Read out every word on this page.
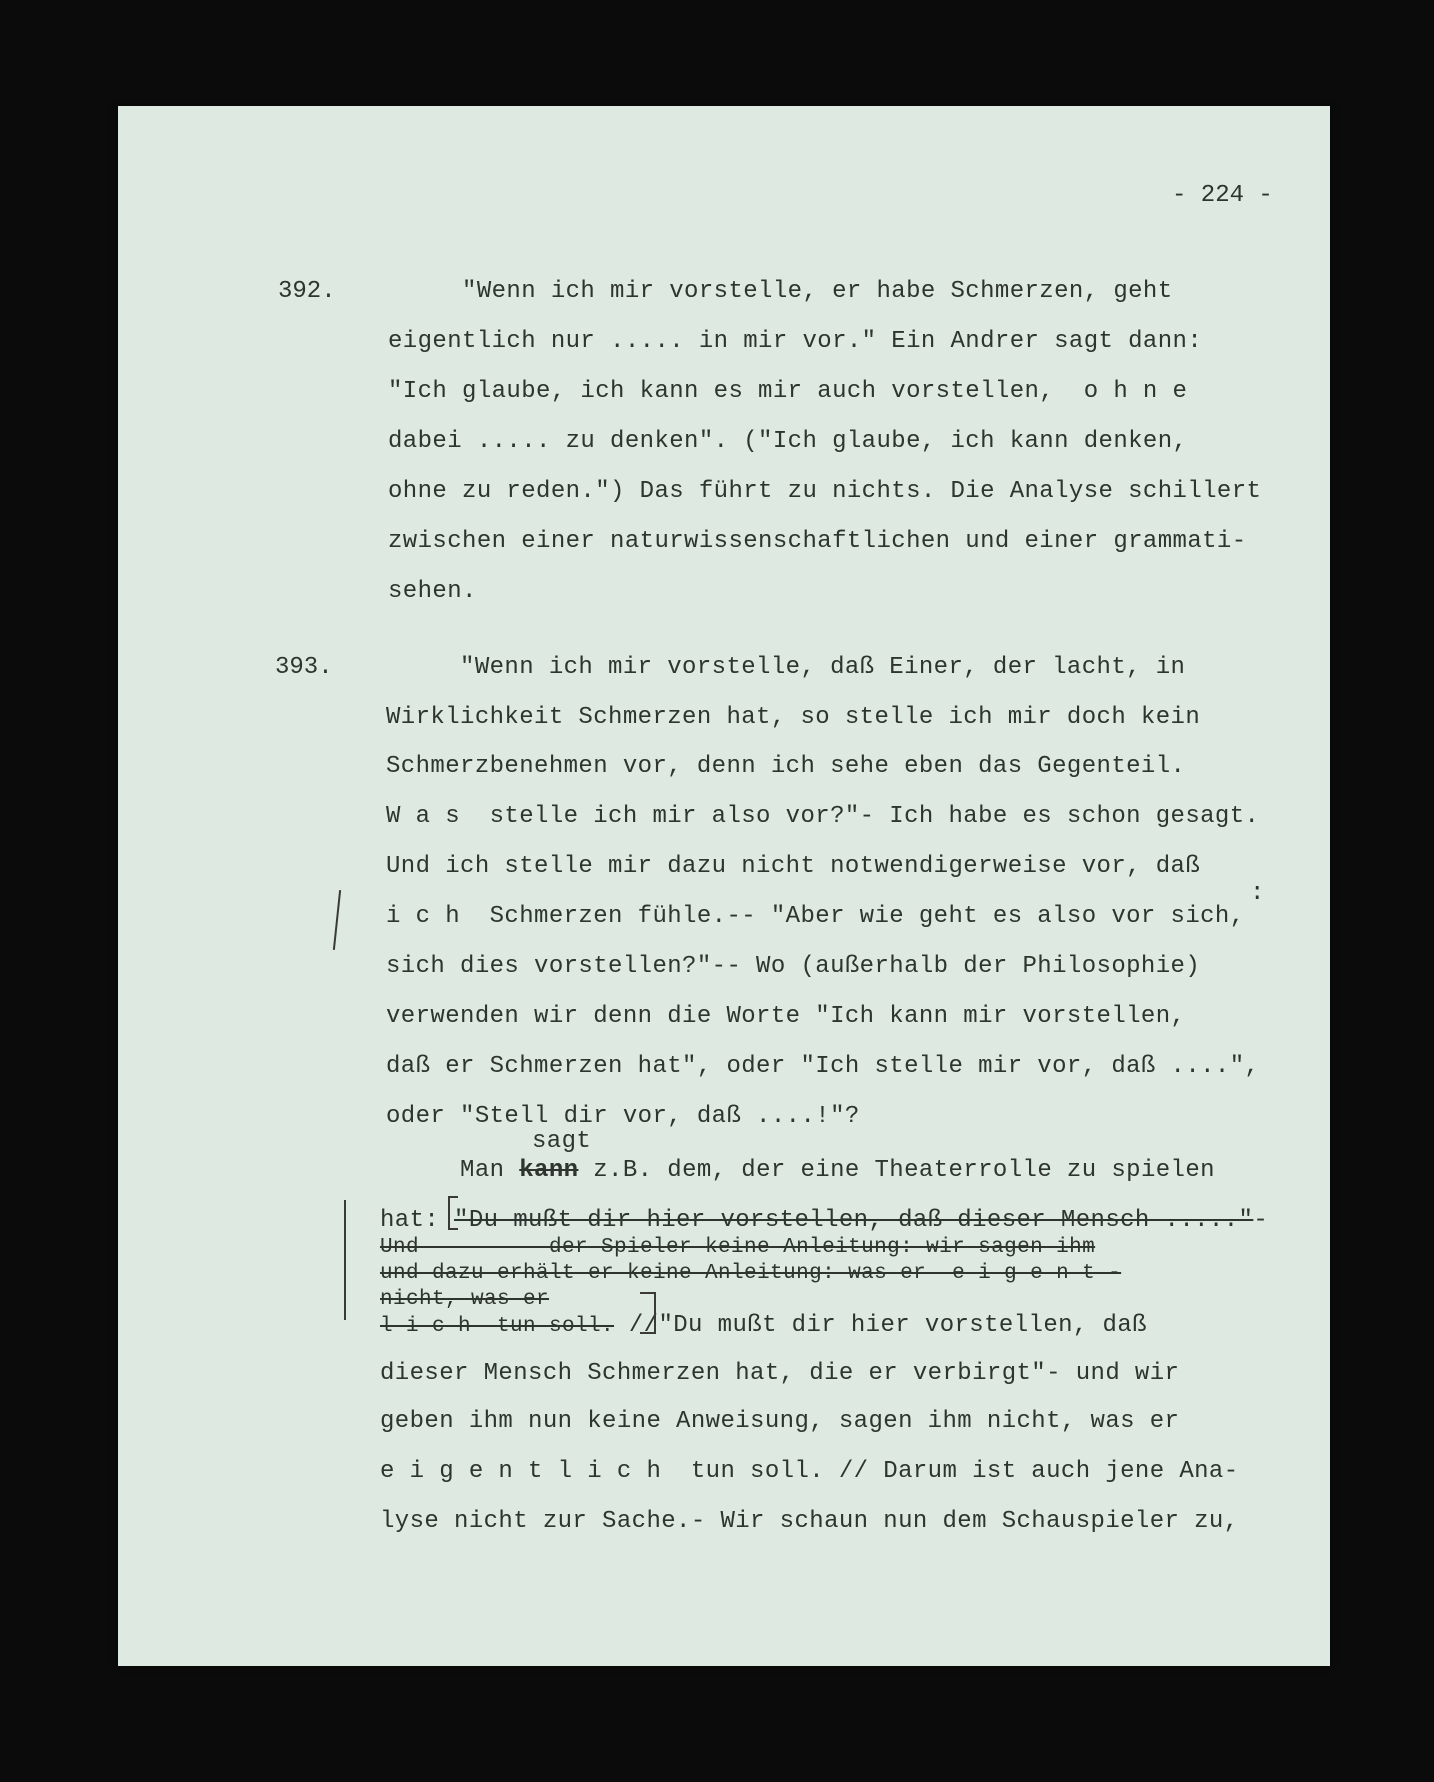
- 224 -
392. "Wenn ich mir vorstelle, er habe Schmerzen, geht
eigentlich nur ..... in mir vor." Ein Andrer sagt dann:
"Ich glaube, ich kann es mir auch vorstellen,  o h n e
dabei ..... zu denken". ("Ich glaube, ich kann denken,
ohne zu reden.") Das führt zu nichts. Die Analyse schillert
zwischen einer naturwissenschaftlichen und einer grammati-
sehen.
393. "Wenn ich mir vorstelle, daß Einer, der lacht, in
Wirklichkeit Schmerzen hat, so stelle ich mir doch kein
Schmerzbenehmen vor, denn ich sehe eben das Gegenteil.
W a s  stelle ich mir also vor?"- Ich habe es schon gesagt.
Und ich stelle mir dazu nicht notwendigerweise vor, daß
i c h  Schmerzen fühle.-- "Aber wie geht es also vor sich,
sich dies vorstellen?"-- Wo (außerhalb der Philosophie)
verwenden wir denn die Worte "Ich kann mir vorstellen,
daß er Schmerzen hat", oder "Ich stelle mir vor, daß ....",
oder "Stell dir vor, daß ....!"?
:
sagt
Man kann z.B. dem, der eine Theaterrolle zu spielen
hat: "Du mußt dir hier vorstellen, daß dieser Mensch ....."-
Und          der Spieler keine Anleitung: wir sagen ihm
und dazu erhält er keine Anleitung: was er  e i g e n t -
nicht, was er
l i c h  tun soll. //"Du mußt dir hier vorstellen, daß
dieser Mensch Schmerzen hat, die er verbirgt"- und wir
geben ihm nun keine Anweisung, sagen ihm nicht, was er
e i g e n t l i c h  tun soll. // Darum ist auch jene Ana-
lyse nicht zur Sache.- Wir schaun nun dem Schauspieler zu,
